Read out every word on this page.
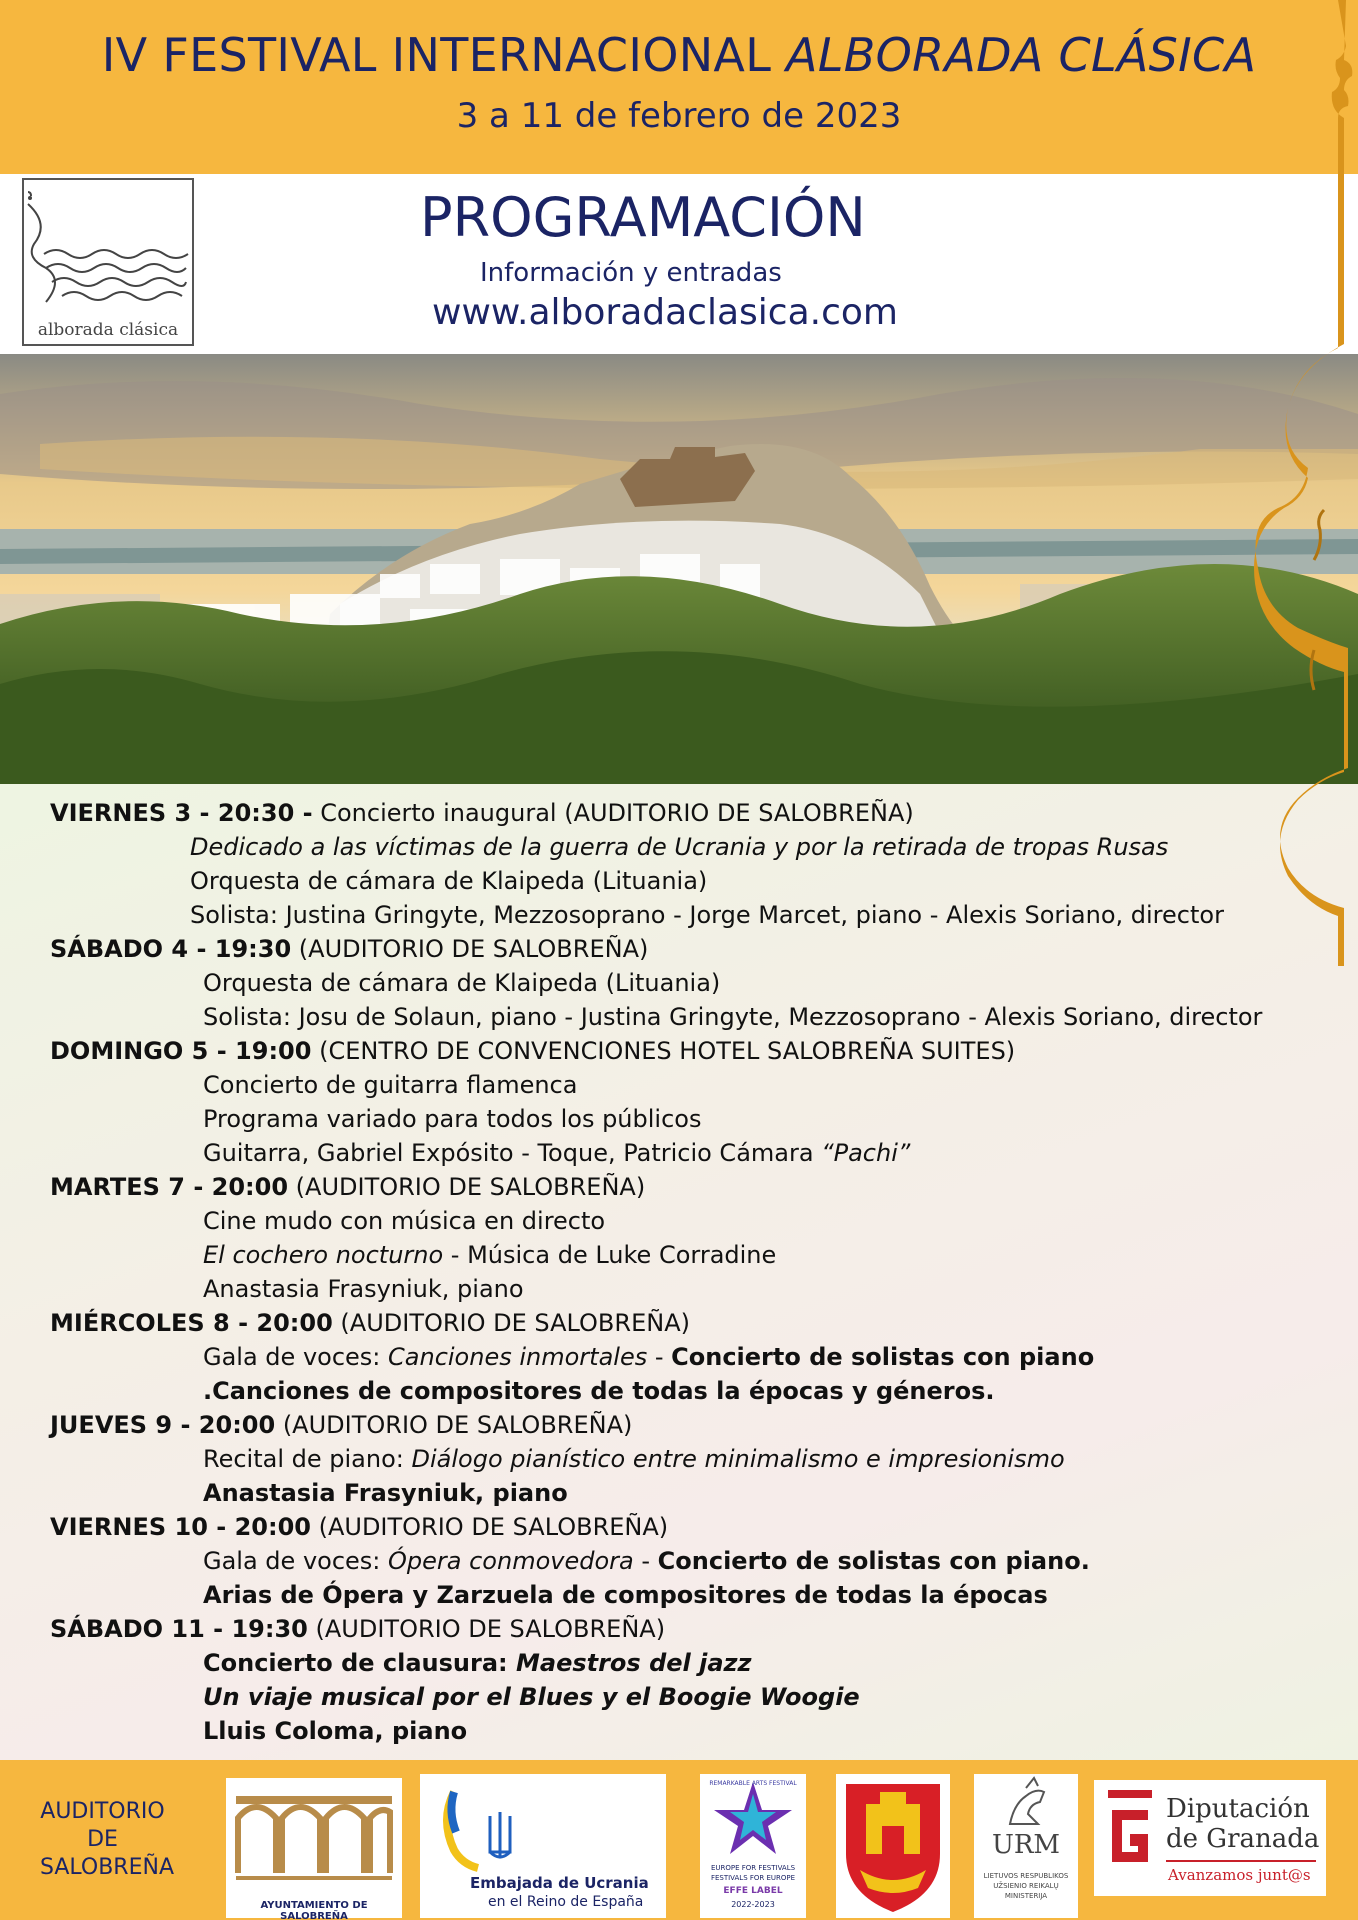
IV FESTIVAL INTERNACIONAL ALBORADA CLÁSICA
3 a 11 de febrero de 2023
alborada clásica
PROGRAMACIÓN
Información y entradas
www.alboradaclasica.com
VIERNES 3 - 20:30 - Concierto inaugural (AUDITORIO DE SALOBREÑA)
Dedicado a las víctimas de la guerra de Ucrania y por la retirada de tropas Rusas
Orquesta de cámara de Klaipeda (Lituania)
Solista: Justina Gringyte, Mezzosoprano - Jorge Marcet, piano - Alexis Soriano, director
SÁBADO 4 - 19:30 (AUDITORIO DE SALOBREÑA)
Orquesta de cámara de Klaipeda (Lituania)
Solista: Josu de Solaun, piano - Justina Gringyte, Mezzosoprano - Alexis Soriano, director
DOMINGO 5 - 19:00 (CENTRO DE CONVENCIONES HOTEL SALOBREÑA SUITES)
Concierto de guitarra flamenca
Programa variado para todos los públicos
Guitarra, Gabriel Expósito - Toque, Patricio Cámara “Pachi”
MARTES 7 - 20:00 (AUDITORIO DE SALOBREÑA)
Cine mudo con música en directo
El cochero nocturno - Música de Luke Corradine
Anastasia Frasyniuk, piano
MIÉRCOLES 8 - 20:00 (AUDITORIO DE SALOBREÑA)
Gala de voces: Canciones inmortales - Concierto de solistas con piano
.Canciones de compositores de todas la épocas y géneros.
JUEVES 9 - 20:00 (AUDITORIO DE SALOBREÑA)
Recital de piano: Diálogo pianístico entre minimalismo e impresionismo
Anastasia Frasyniuk, piano
VIERNES 10 - 20:00 (AUDITORIO DE SALOBREÑA)
Gala de voces: Ópera conmovedora - Concierto de solistas con piano.
Arias de Ópera y Zarzuela de compositores de todas la épocas
SÁBADO 11 - 19:30 (AUDITORIO DE SALOBREÑA)
Concierto de clausura: Maestros del jazz
Un viaje musical por el Blues y el Boogie Woogie
Lluis Coloma, piano
AUDITORIO
DE
SALOBREÑA
AYUNTAMIENTO DE SALOBREÑA
Embajada de Ucrania
en el Reino de España
REMARKABLE ARTS FESTIVAL
EUROPE FOR FESTIVALS
FESTIVALS FOR EUROPE
EFFE LABEL
2022-2023
URM
LIETUVOS RESPUBLIKOS
UŽSIENIO REIKALŲ
MINISTERIJA
Diputación
de Granada
Avanzamos junt@s
